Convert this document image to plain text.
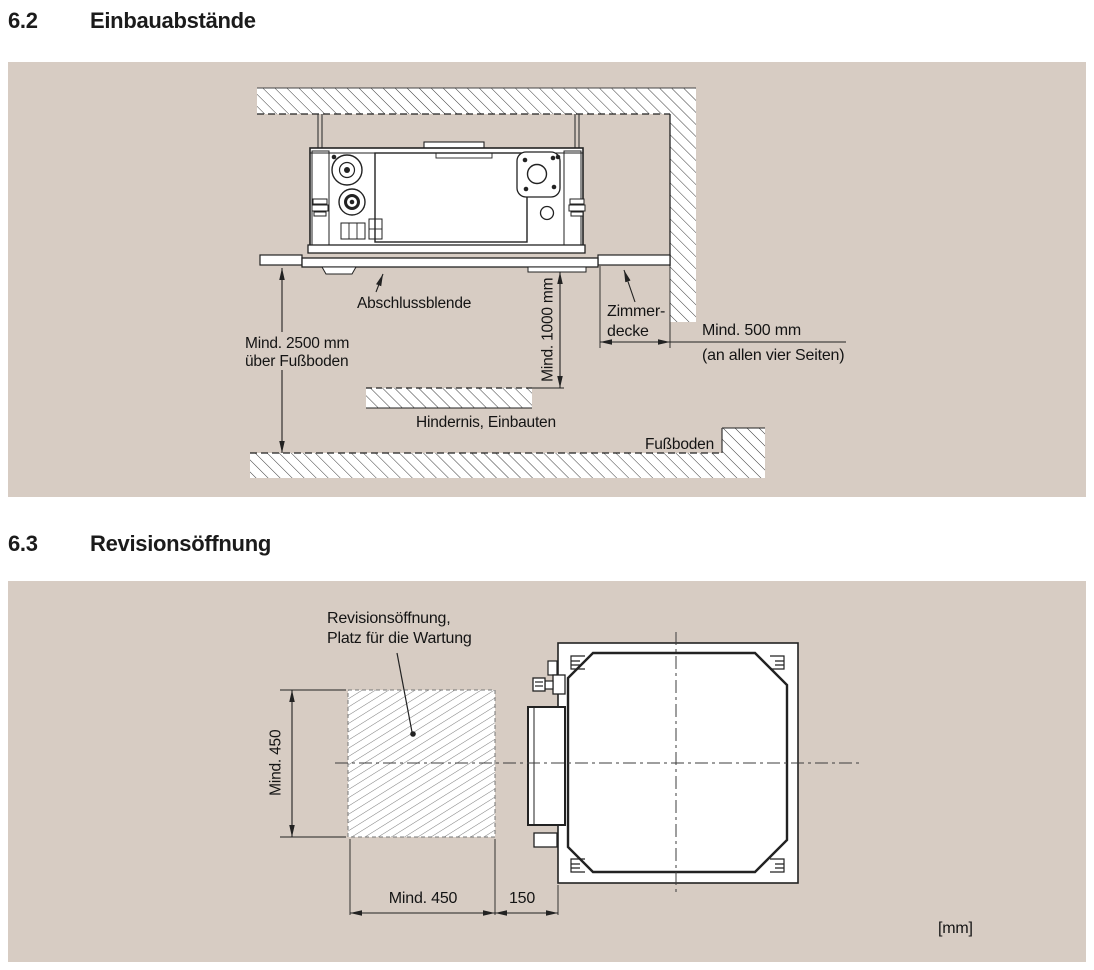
6.2 Einbauabstände
Abschlussblende
Mind. 2500 mm
über Fußboden	Mind. 1000 mm	Zimmer-
decke	Mind. 500 mm
(an allen vier Seiten)
Hindernis, Einbauten
Fußboden
6.3 Revisionsöffnung
Revisionsöffnung,
Platz für die Wartung
Mind. 450
Mind. 450	150
[mm]
